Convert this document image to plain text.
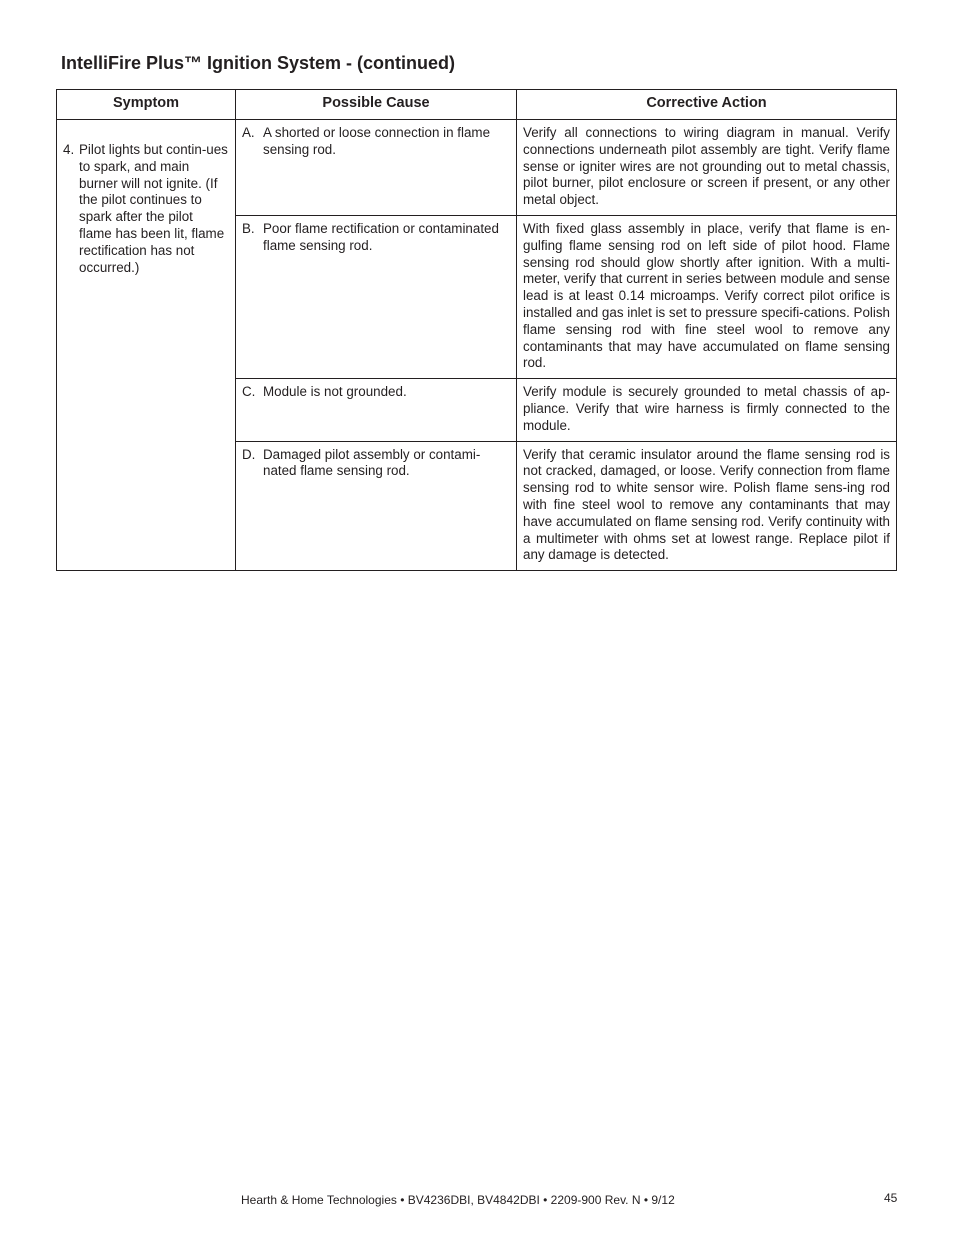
IntelliFire Plus™ Ignition System - (continued)
Symptom	Possible Cause	Corrective Action

4. Pilot lights but contin-ues to spark, and main burner will not ignite. (If the pilot continues to spark after the pilot flame has been lit, flame rectification has not occurred.)	A. A shorted or loose connection in flame sensing rod.	Verify all connections to wiring diagram in manual. Verify connections underneath pilot assembly are tight. Verify flame sense or igniter wires are not grounding out to metal chassis, pilot burner, pilot enclosure or screen if present, or any other metal object.

	B. Poor flame rectification or contaminated flame sensing rod.	With fixed glass assembly in place, verify that flame is en-gulfing flame sensing rod on left side of pilot hood. Flame sensing rod should glow shortly after ignition. With a multi-meter, verify that current in series between module and sense lead is at least 0.14 microamps. Verify correct pilot orifice is installed and gas inlet is set to pressure specifi-cations. Polish flame sensing rod with fine steel wool to remove any contaminants that may have accumulated on flame sensing rod.

	C. Module is not grounded.	Verify module is securely grounded to metal chassis of ap-pliance. Verify that wire harness is firmly connected to the module.

	D. Damaged pilot assembly or contami-nated flame sensing rod.	Verify that ceramic insulator around the flame sensing rod is not cracked, damaged, or loose. Verify connection from flame sensing rod to white sensor wire. Polish flame sens-ing rod with fine steel wool to remove any contaminants that may have accumulated on flame sensing rod. Verify continuity with a multimeter with ohms set at lowest range. Replace pilot if any damage is detected.
Hearth & Home Technologies • BV4236DBI, BV4842DBI • 2209-900 Rev. N • 9/12	45
